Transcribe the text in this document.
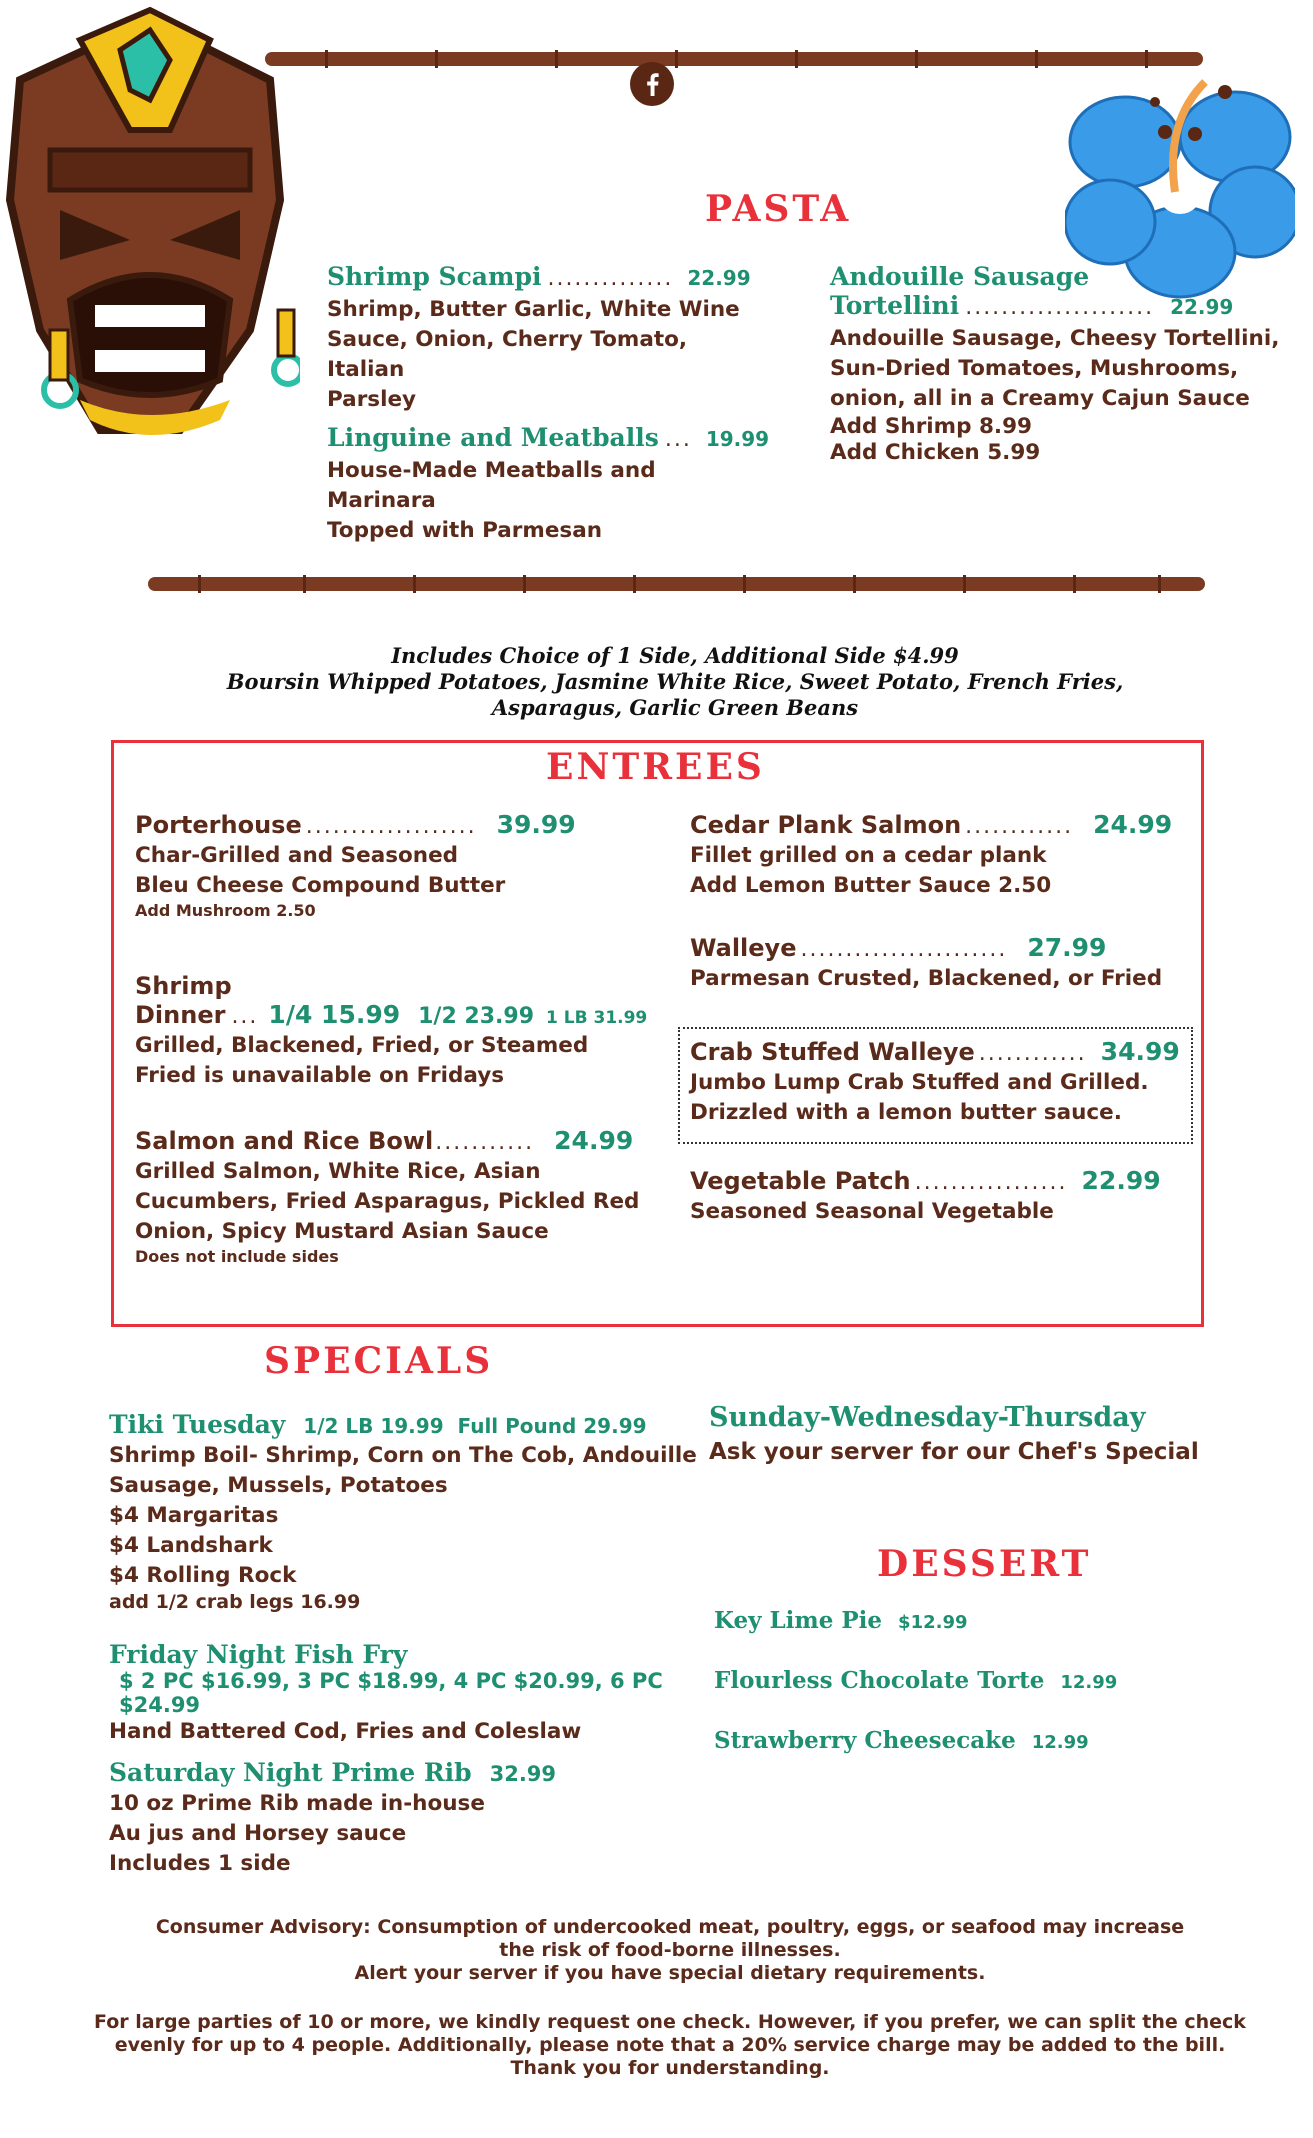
PASTA
Shrimp Scampi .............. 22.99
Shrimp, Butter Garlic, White Wine
Sauce, Onion, Cherry Tomato, Italian
Parsley
Linguine and Meatballs ... 19.99
House-Made Meatballs and Marinara
Topped with Parmesan
Andouille Sausage
Tortellini ..................... 22.99
Andouille Sausage, Cheesy Tortellini,
Sun-Dried Tomatoes, Mushrooms,
onion, all in a Creamy Cajun Sauce
Add Shrimp 8.99
Add Chicken 5.99
Includes Choice of 1 Side, Additional Side $4.99
Boursin Whipped Potatoes, Jasmine White Rice, Sweet Potato, French Fries,
Asparagus, Garlic Green Beans
ENTREES
Porterhouse ................... 39.99
Char-Grilled and Seasoned
Bleu Cheese Compound Butter
Add Mushroom 2.50
Shrimp
Dinner ... 1/4 15.99 1/2 23.99 1 LB 31.99
Grilled, Blackened, Fried, or Steamed
Fried is unavailable on Fridays
Salmon and Rice Bowl ........... 24.99
Grilled Salmon, White Rice, Asian
Cucumbers, Fried Asparagus, Pickled Red
Onion, Spicy Mustard Asian Sauce
Does not include sides
Cedar Plank Salmon ............ 24.99
Fillet grilled on a cedar plank
Add Lemon Butter Sauce 2.50
Walleye ....................... 27.99
Parmesan Crusted, Blackened, or Fried
Crab Stuffed Walleye ............ 34.99
Jumbo Lump Crab Stuffed and Grilled.
Drizzled with a lemon butter sauce.
Vegetable Patch ................. 22.99
Seasoned Seasonal Vegetable
SPECIALS
Tiki Tuesday 1/2 LB 19.99  Full Pound 29.99
Shrimp Boil- Shrimp, Corn on The Cob, Andouille
Sausage, Mussels, Potatoes
$4 Margaritas
$4 Landshark
$4 Rolling Rock
add 1/2 crab legs 16.99
Friday Night Fish Fry
$ 2 PC $16.99, 3 PC $18.99, 4 PC $20.99, 6 PC $24.99
Hand Battered Cod, Fries and Coleslaw
Saturday Night Prime Rib 32.99
10 oz Prime Rib made in-house
Au jus and Horsey sauce
Includes 1 side
Sunday-Wednesday-Thursday
Ask your server for our Chef's Special
DESSERT
Key Lime Pie $12.99
Flourless Chocolate Torte 12.99
Strawberry Cheesecake 12.99
Consumer Advisory: Consumption of undercooked meat, poultry, eggs, or seafood may increase
the risk of food-borne illnesses.
Alert your server if you have special dietary requirements.
For large parties of 10 or more, we kindly request one check. However, if you prefer, we can split the check
evenly for up to 4 people. Additionally, please note that a 20% service charge may be added to the bill.
Thank you for understanding.
